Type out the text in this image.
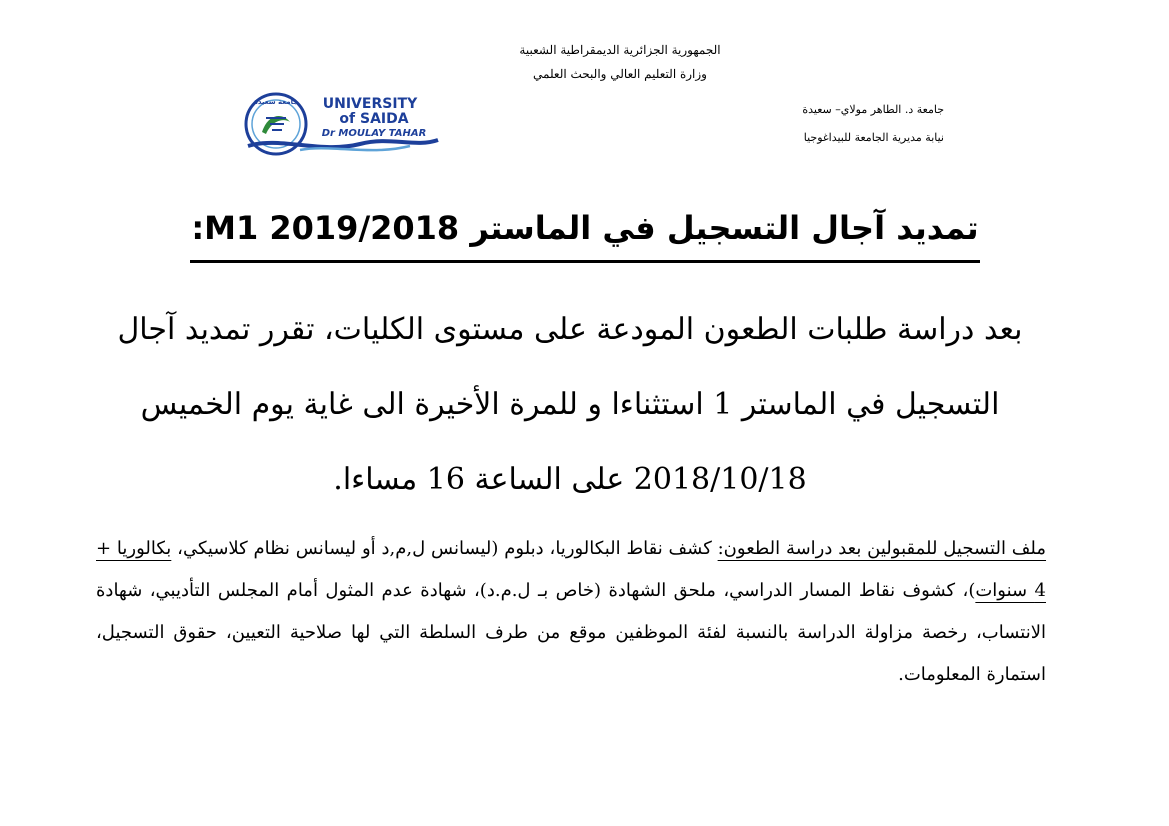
الجمهورية الجزائرية الديمقراطية الشعبية
وزارة التعليم العالي والبحث العلمي
جامعة د. الطاهر مولاي– سعيدة
نيابة مديرية الجامعة للبيداغوجيا
جامعة سعيدة UNIVERSITY
of SAIDA
Dr MOULAY TAHAR
تمديد آجال التسجيل في الماستر M1 2019/2018:
بعد دراسة طلبات الطعون المودعة على مستوى الكليات، تقرر تمديد آجال التسجيل في الماستر 1 استثناءا و للمرة الأخيرة الى غاية يوم الخميس 2018/10/18 على الساعة 16 مساءا.
ملف التسجيل للمقبولين بعد دراسة الطعون: كشف نقاط البكالوريا، دبلوم (ليسانس ل,م,د أو ليسانس نظام كلاسيكي، بكالوريا + 4 سنوات)، كشوف نقاط المسار الدراسي، ملحق الشهادة (خاص بـ ل.م.د)، شهادة عدم المثول أمام المجلس التأديبي، شهادة الانتساب، رخصة مزاولة الدراسة بالنسبة لفئة الموظفين موقع من طرف السلطة التي لها صلاحية التعيين، حقوق التسجيل، استمارة المعلومات.
